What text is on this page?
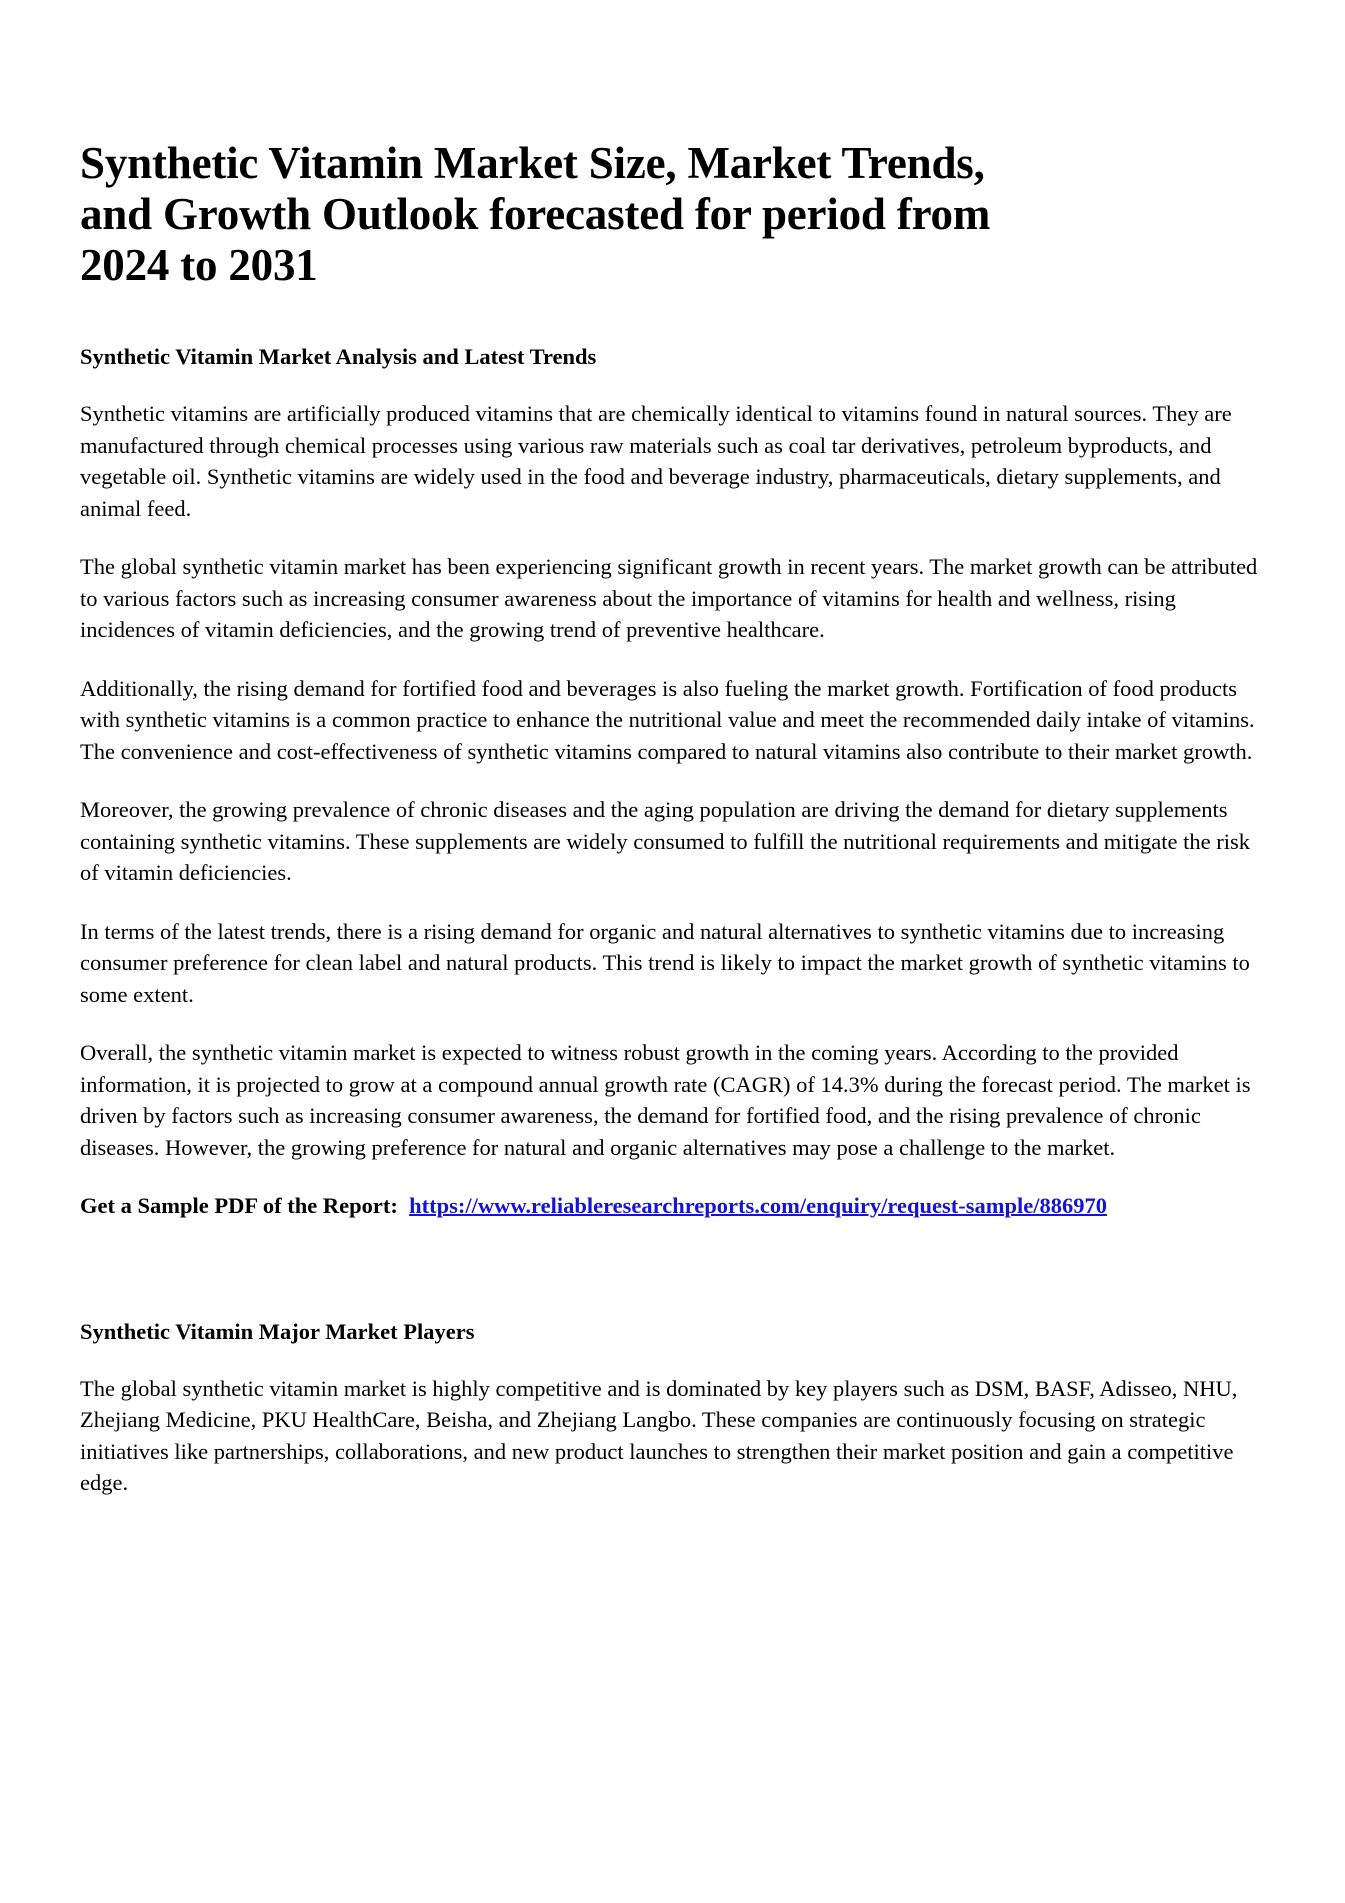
Synthetic Vitamin Market Size, Market Trends, and Growth Outlook forecasted for period from 2024 to 2031
Synthetic Vitamin Market Analysis and Latest Trends

Synthetic vitamins are artificially produced vitamins that are chemically identical to vitamins found in natural sources. They are manufactured through chemical processes using various raw materials such as coal tar derivatives, petroleum byproducts, and vegetable oil. Synthetic vitamins are widely used in the food and beverage industry, pharmaceuticals, dietary supplements, and animal feed.

The global synthetic vitamin market has been experiencing significant growth in recent years. The market growth can be attributed to various factors such as increasing consumer awareness about the importance of vitamins for health and wellness, rising incidences of vitamin deficiencies, and the growing trend of preventive healthcare.

Additionally, the rising demand for fortified food and beverages is also fueling the market growth. Fortification of food products with synthetic vitamins is a common practice to enhance the nutritional value and meet the recommended daily intake of vitamins. The convenience and cost-effectiveness of synthetic vitamins compared to natural vitamins also contribute to their market growth.

Moreover, the growing prevalence of chronic diseases and the aging population are driving the demand for dietary supplements containing synthetic vitamins. These supplements are widely consumed to fulfill the nutritional requirements and mitigate the risk of vitamin deficiencies.

In terms of the latest trends, there is a rising demand for organic and natural alternatives to synthetic vitamins due to increasing consumer preference for clean label and natural products. This trend is likely to impact the market growth of synthetic vitamins to some extent.

Overall, the synthetic vitamin market is expected to witness robust growth in the coming years. According to the provided information, it is projected to grow at a compound annual growth rate (CAGR) of 14.3% during the forecast period. The market is driven by factors such as increasing consumer awareness, the demand for fortified food, and the rising prevalence of chronic diseases. However, the growing preference for natural and organic alternatives may pose a challenge to the market.

Get a Sample PDF of the Report: https://www.reliableresearchreports.com/enquiry/request-sample/886970

Synthetic Vitamin Major Market Players

The global synthetic vitamin market is highly competitive and is dominated by key players such as DSM, BASF, Adisseo, NHU, Zhejiang Medicine, PKU HealthCare, Beisha, and Zhejiang Langbo. These companies are continuously focusing on strategic initiatives like partnerships, collaborations, and new product launches to strengthen their market position and gain a competitive edge.
